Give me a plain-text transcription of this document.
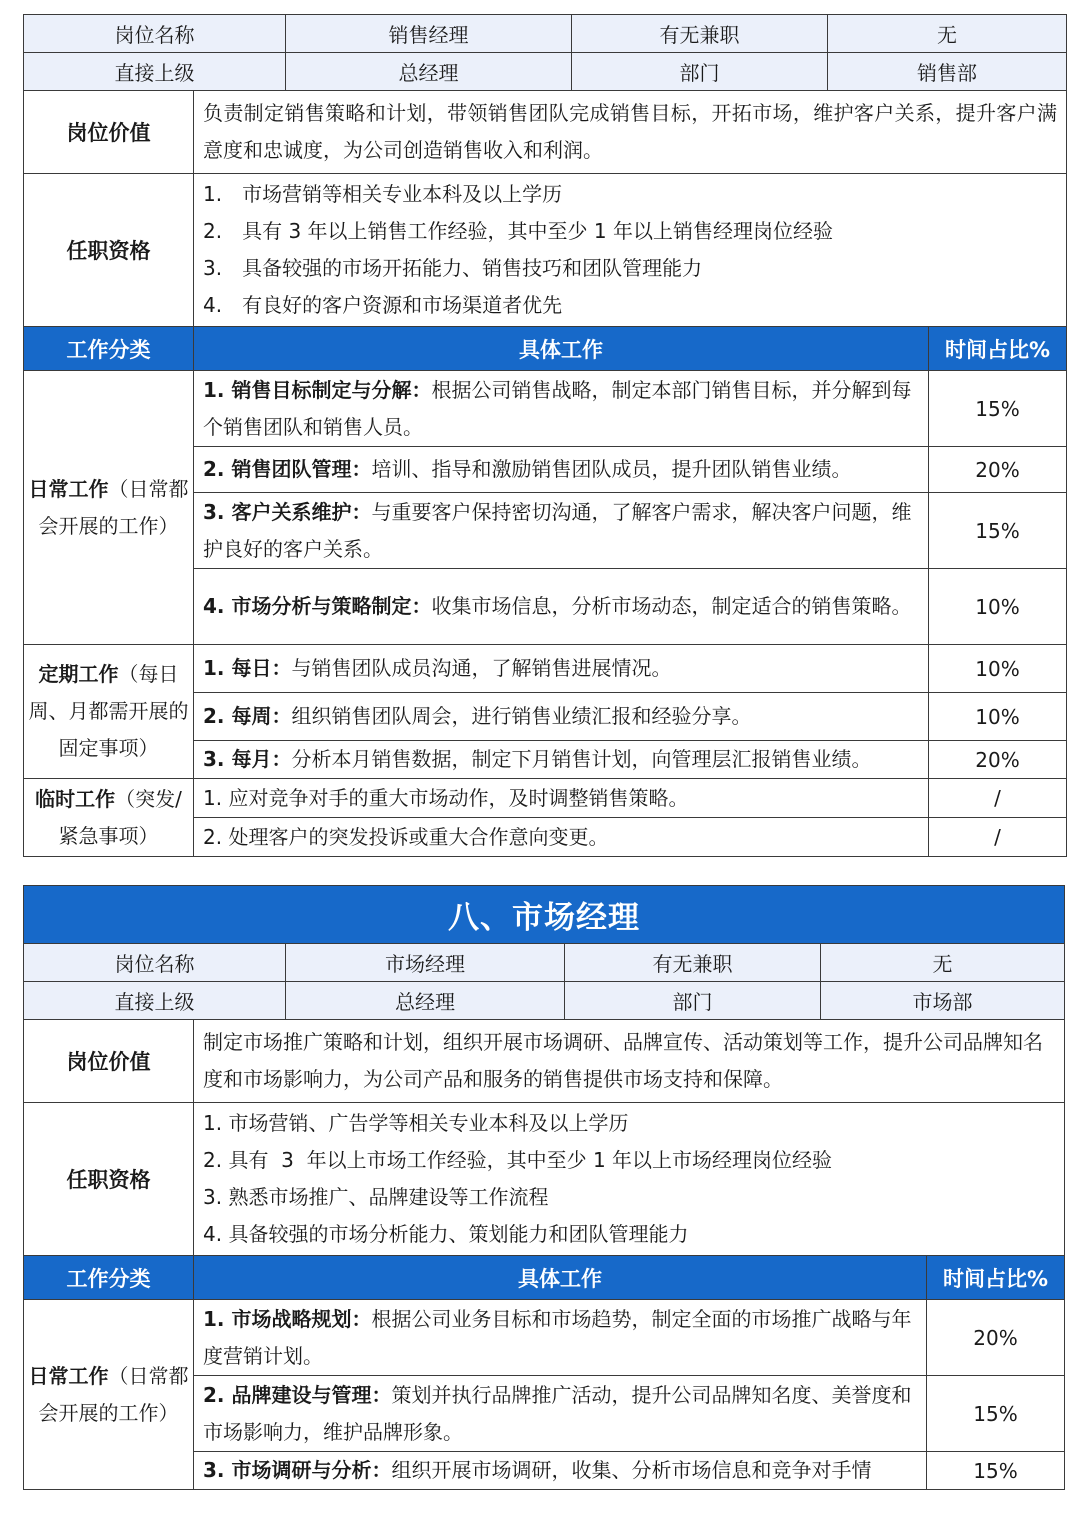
岗位名称		销售经理	有无兼职	无	
直接上级		总经理	部门	销售部	
岗位价值	负责制定销售策略和计划，带领销售团队完成销售目标，开拓市场，维护客户关系，提升客户满意度和忠诚度，为公司创造销售收入和利润。				
任职资格	1.　市场营销等相关专业本科及以上学历
2.　具有 3 年以上销售工作经验，其中至少 1 年以上销售经理岗位经验
3.　具备较强的市场开拓能力、销售技巧和团队管理能力
4.　有良好的客户资源和市场渠道者优先				

工作分类	具体工作				时间占比%
日常工作（日常都会开展的工作）	1. 销售目标制定与分解：根据公司销售战略，制定本部门销售目标，并分解到每个销售团队和销售人员。				15%
	2. 销售团队管理：培训、指导和激励销售团队成员，提升团队销售业绩。				20%
	3. 客户关系维护：与重要客户保持密切沟通，了解客户需求，解决客户问题，维护良好的客户关系。				15%
	4. 市场分析与策略制定：收集市场信息，分析市场动态，制定适合的销售策略。				10%
定期工作（每日周、月都需开展的固定事项）	1. 每日：与销售团队成员沟通，了解销售进展情况。				10%
	2. 每周：组织销售团队周会，进行销售业绩汇报和经验分享。				10%
	3. 每月：分析本月销售数据，制定下月销售计划，向管理层汇报销售业绩。				20%
临时工作（突发/紧急事项）	1. 应对竞争对手的重大市场动作，及时调整销售策略。				/
	2. 处理客户的突发投诉或重大合作意向变更。				/
八、市场经理					
岗位名称		市场经理	有无兼职	无	
直接上级		总经理	部门	市场部	
岗位价值	制定市场推广策略和计划，组织开展市场调研、品牌宣传、活动策划等工作，提升公司品牌知名度和市场影响力，为公司产品和服务的销售提供市场支持和保障。				
任职资格	1. 市场营销、广告学等相关专业本科及以上学历
2. 具有  3  年以上市场工作经验，其中至少 1 年以上市场经理岗位经验
3. 熟悉市场推广、品牌建设等工作流程
4. 具备较强的市场分析能力、策划能力和团队管理能力				

工作分类	具体工作				时间占比%
日常工作（日常都会开展的工作）	1. 市场战略规划：根据公司业务目标和市场趋势，制定全面的市场推广战略与年度营销计划。				20%
	2. 品牌建设与管理：策划并执行品牌推广活动，提升公司品牌知名度、美誉度和市场影响力，维护品牌形象。				15%
	3. 市场调研与分析：组织开展市场调研，收集、分析市场信息和竞争对手情				15%
